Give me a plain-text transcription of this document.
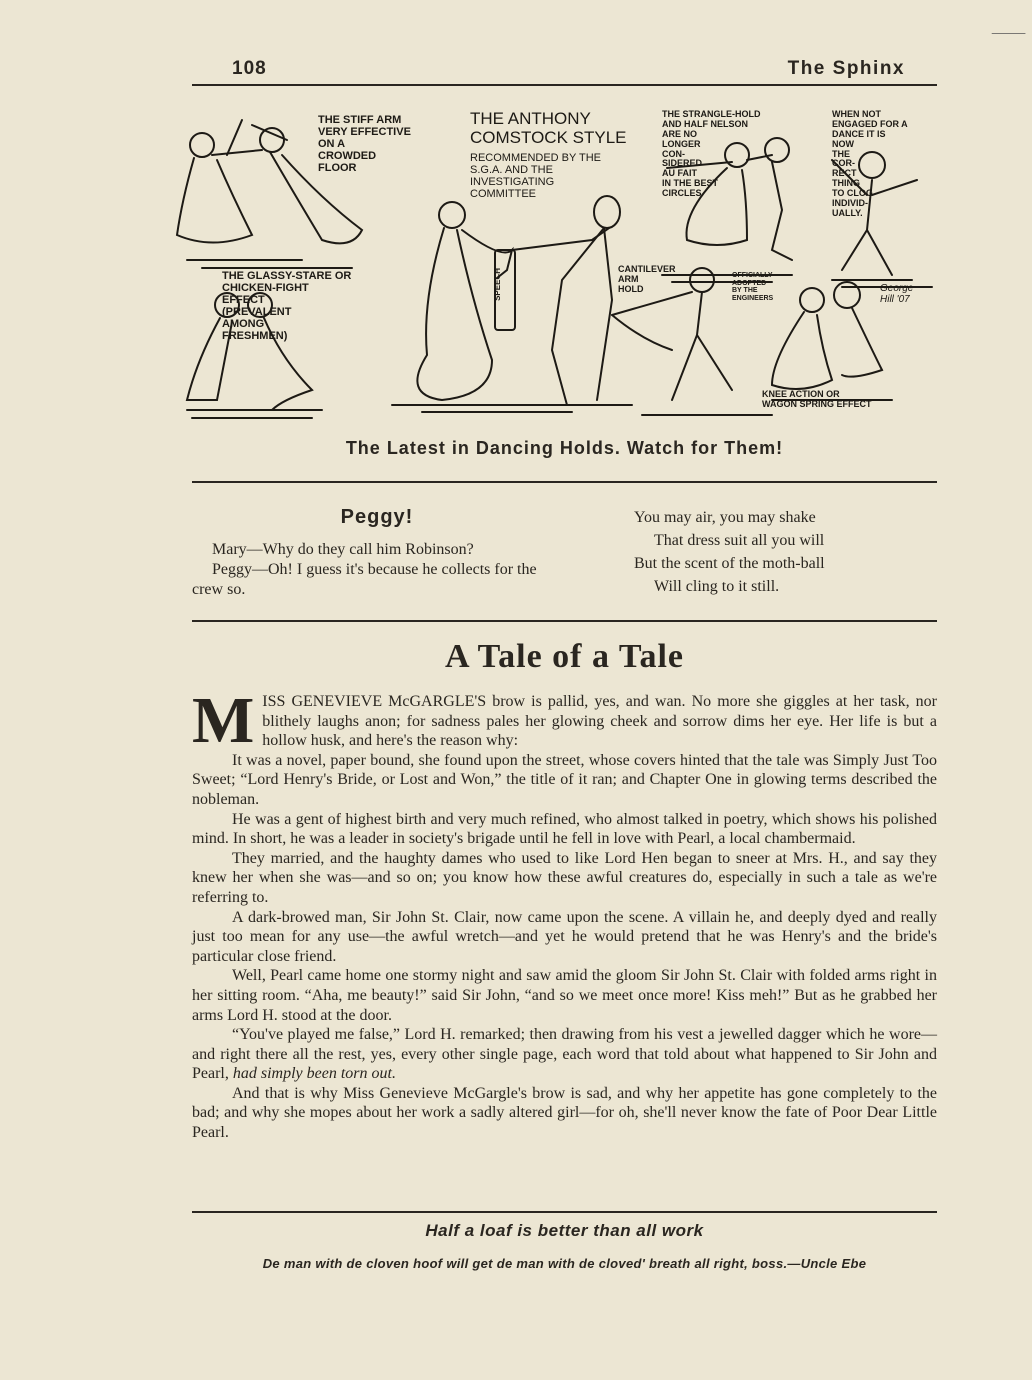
108	The Sphinx
⸻
THE STIFF ARM
VERY EFFECTIVE
ON A
CROWDED
FLOOR
THE ANTHONY
COMSTOCK STYLE
RECOMMENDED BY THE
S.G.A. AND THE
INVESTIGATING
COMMITTEE
THE STRANGLE-HOLD
AND HALF NELSON
ARE NO
LONGER
CON-
SIDERED
AU FAIT
IN THE BEST
CIRCLES
WHEN NOT
ENGAGED FOR A
DANCE IT IS
NOW
THE
COR-
RECT
THING
TO CLOG
INDIVID-
UALLY.
THE GLASSY-STARE OR
CHICKEN-FIGHT
EFFECT
(PREVALENT
AMONG
FRESHMEN)
CANTILEVER
ARM
HOLD
OFFICIALLY
ADOPTED
BY THE
ENGINEERS
KNEE ACTION OR
WAGON SPRING EFFECT
George
Hill '07
SPEECH
The Latest in Dancing Holds. Watch for Them!
Peggy!

Mary—Why do they call him Robinson?

Peggy—Oh! I guess it's because he collects for the crew so.

You may air, you may shake
That dress suit all you will
But the scent of the moth-ball
Will cling to it still.
A Tale of a Tale

MISS GENEVIEVE McGARGLE'S brow is pallid, yes, and wan. No more she giggles at her task, nor blithely laughs anon; for sadness pales her glowing cheek and sorrow dims her eye. Her life is but a hollow husk, and here's the reason why:

It was a novel, paper bound, she found upon the street, whose covers hinted that the tale was Simply Just Too Sweet; “Lord Henry's Bride, or Lost and Won,” the title of it ran; and Chapter One in glowing terms described the nobleman.

He was a gent of highest birth and very much refined, who almost talked in poetry, which shows his polished mind. In short, he was a leader in society's brigade until he fell in love with Pearl, a local chambermaid.

They married, and the haughty dames who used to like Lord Hen began to sneer at Mrs. H., and say they knew her when she was—and so on; you know how these awful creatures do, especially in such a tale as we're referring to.

A dark-browed man, Sir John St. Clair, now came upon the scene. A villain he, and deeply dyed and really just too mean for any use—the awful wretch—and yet he would pretend that he was Henry's and the bride's particular close friend.

Well, Pearl came home one stormy night and saw amid the gloom Sir John St. Clair with folded arms right in her sitting room. “Aha, me beauty!” said Sir John, “and so we meet once more! Kiss meh!” But as he grabbed her arms Lord H. stood at the door.

“You've played me false,” Lord H. remarked; then drawing from his vest a jewelled dagger which he wore—and right there all the rest, yes, every other single page, each word that told about what happened to Sir John and Pearl, had simply been torn out.

And that is why Miss Genevieve McGargle's brow is sad, and why her appetite has gone completely to the bad; and why she mopes about her work a sadly altered girl—for oh, she'll never know the fate of Poor Dear Little Pearl.

Half a loaf is better than all work
De man with de cloven hoof will get de man with de cloved' breath all right, boss.—Uncle Ebe
